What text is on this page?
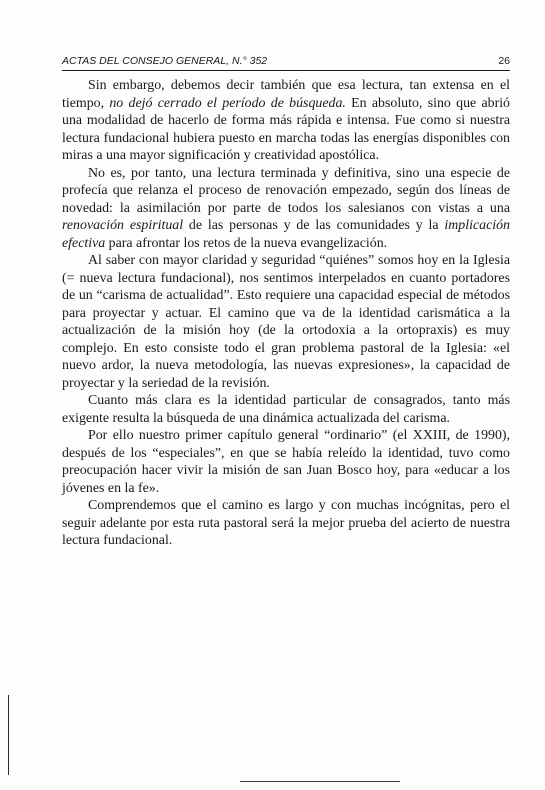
ACTAS DEL CONSEJO GENERAL, N.° 352	26

Sin embargo, debemos decir también que esa lectura, tan extensa en el tiempo, no dejó cerrado el período de búsqueda. En absoluto, sino que abrió una modalidad de hacerlo de forma más rápida e intensa. Fue como si nuestra lectura fundacional hubiera puesto en marcha todas las energías disponibles con miras a una mayor significación y creatividad apostólica.

No es, por tanto, una lectura terminada y definitiva, sino una especie de profecía que relanza el proceso de renovación empezado, según dos líneas de novedad: la asimilación por parte de todos los salesianos con vistas a una renovación espiritual de las personas y de las comunidades y la implicación efectiva para afrontar los retos de la nueva evangelización.

Al saber con mayor claridad y seguridad “quiénes” somos hoy en la Iglesia (= nueva lectura fundacional), nos sentimos interpelados en cuanto portadores de un “carisma de actualidad”. Esto requiere una capacidad especial de métodos para proyectar y actuar. El camino que va de la identidad carismática a la actualización de la misión hoy (de la ortodoxia a la ortopraxis) es muy complejo. En esto consiste todo el gran problema pastoral de la Iglesia: «el nuevo ardor, la nueva metodología, las nuevas expresiones», la capacidad de proyectar y la seriedad de la revisión.

Cuanto más clara es la identidad particular de consagrados, tanto más exigente resulta la búsqueda de una dinámica actualizada del carisma.

Por ello nuestro primer capítulo general “ordinario” (el XXIII, de 1990), después de los “especiales”, en que se había releído la identidad, tuvo como preocupación hacer vivir la misión de san Juan Bosco hoy, para «educar a los jóvenes en la fe».

Comprendemos que el camino es largo y con muchas incógnitas, pero el seguir adelante por esta ruta pastoral será la mejor prueba del acierto de nuestra lectura fundacional.
